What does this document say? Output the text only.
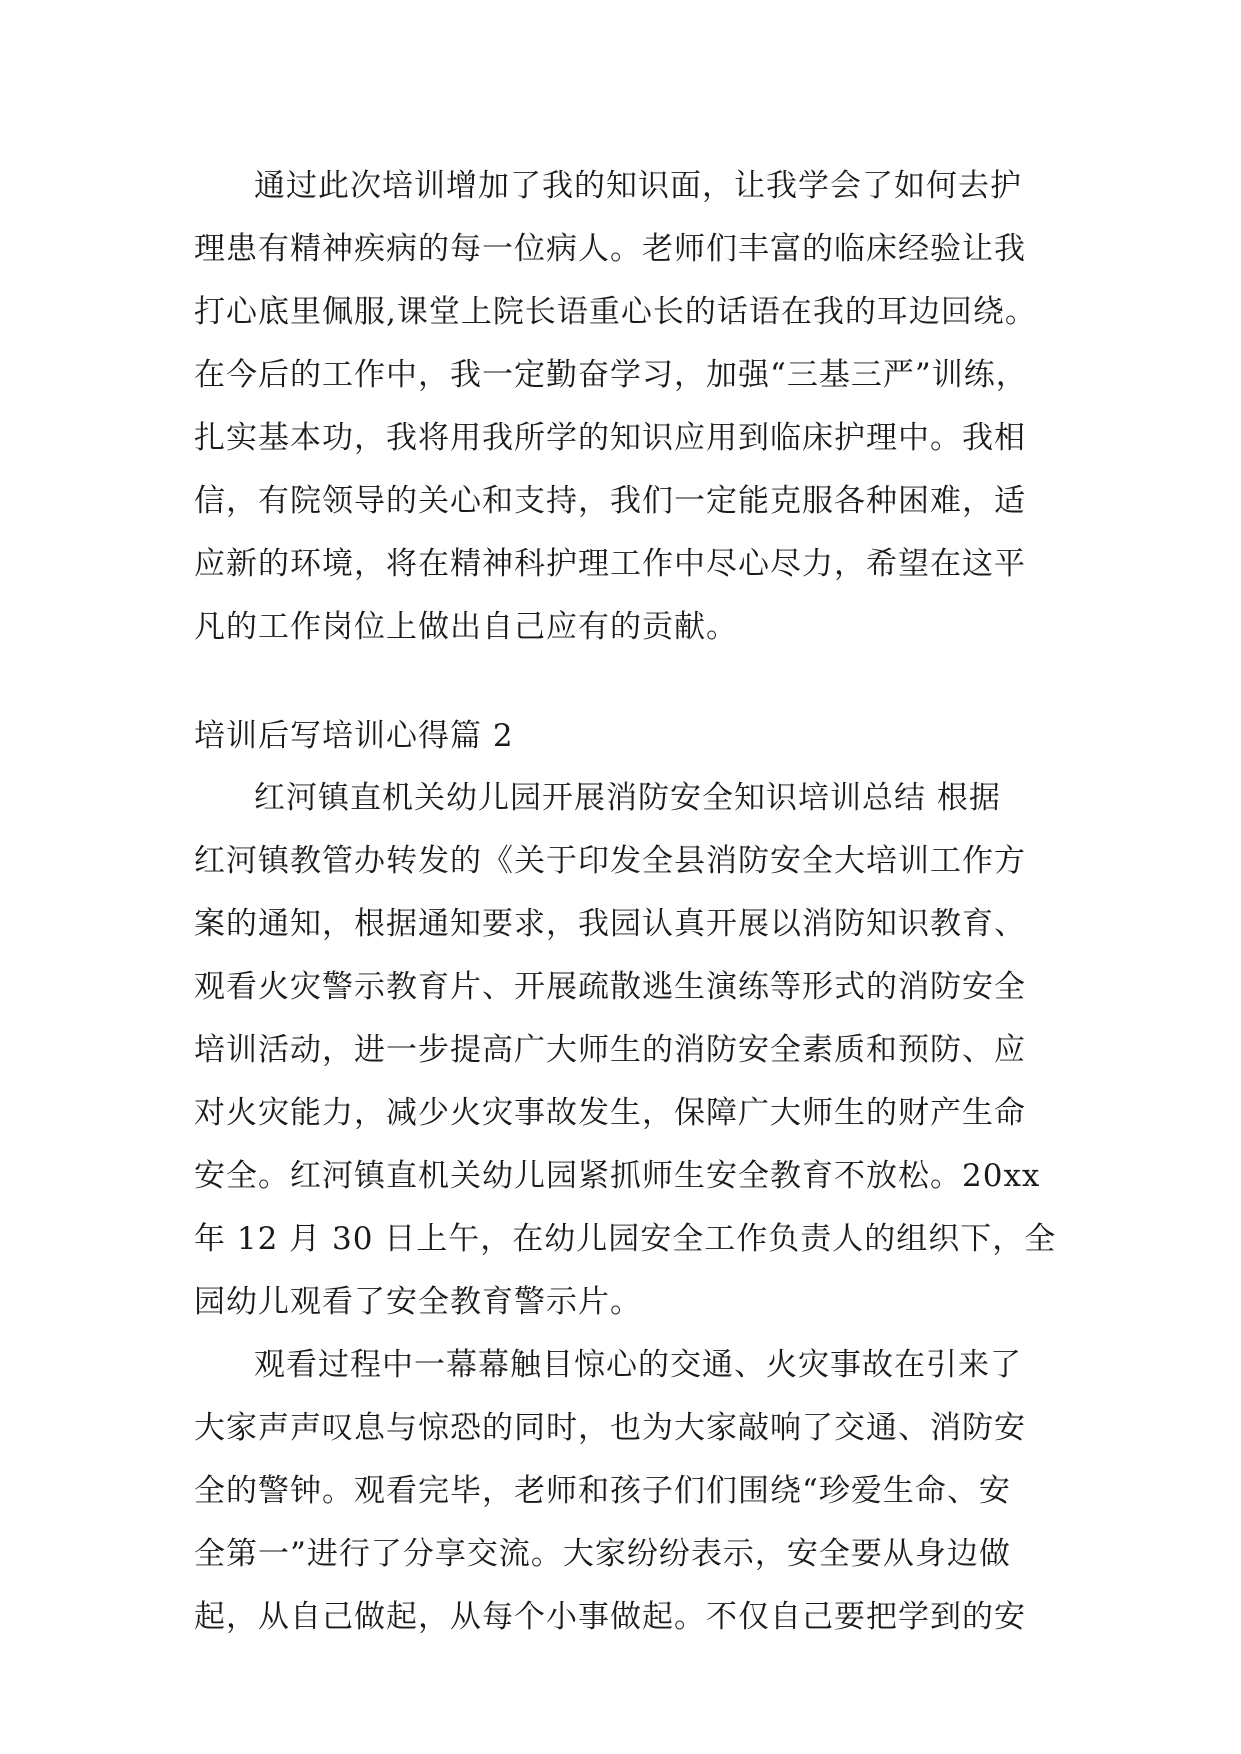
通过此次培训增加了我的知识面，让我学会了如何去护
理患有精神疾病的每一位病人。老师们丰富的临床经验让我
打心底里佩服,课堂上院长语重心长的话语在我的耳边回绕。
在今后的工作中，我一定勤奋学习，加强“三基三严”训练，
扎实基本功，我将用我所学的知识应用到临床护理中。我相
信，有院领导的关心和支持，我们一定能克服各种困难，适
应新的环境，将在精神科护理工作中尽心尽力，希望在这平
凡的工作岗位上做出自己应有的贡献。
培训后写培训心得篇 2
红河镇直机关幼儿园开展消防安全知识培训总结 根据
红河镇教管办转发的《关于印发全县消防安全大培训工作方
案的通知，根据通知要求，我园认真开展以消防知识教育、
观看火灾警示教育片、开展疏散逃生演练等形式的消防安全
培训活动，进一步提高广大师生的消防安全素质和预防、应
对火灾能力，减少火灾事故发生，保障广大师生的财产生命
安全。红河镇直机关幼儿园紧抓师生安全教育不放松。20xx
年 12 月 30 日上午，在幼儿园安全工作负责人的组织下，全
园幼儿观看了安全教育警示片。
观看过程中一幕幕触目惊心的交通、火灾事故在引来了
大家声声叹息与惊恐的同时，也为大家敲响了交通、消防安
全的警钟。观看完毕，老师和孩子们们围绕“珍爱生命、安
全第一”进行了分享交流。大家纷纷表示，安全要从身边做
起，从自己做起，从每个小事做起。不仅自己要把学到的安
